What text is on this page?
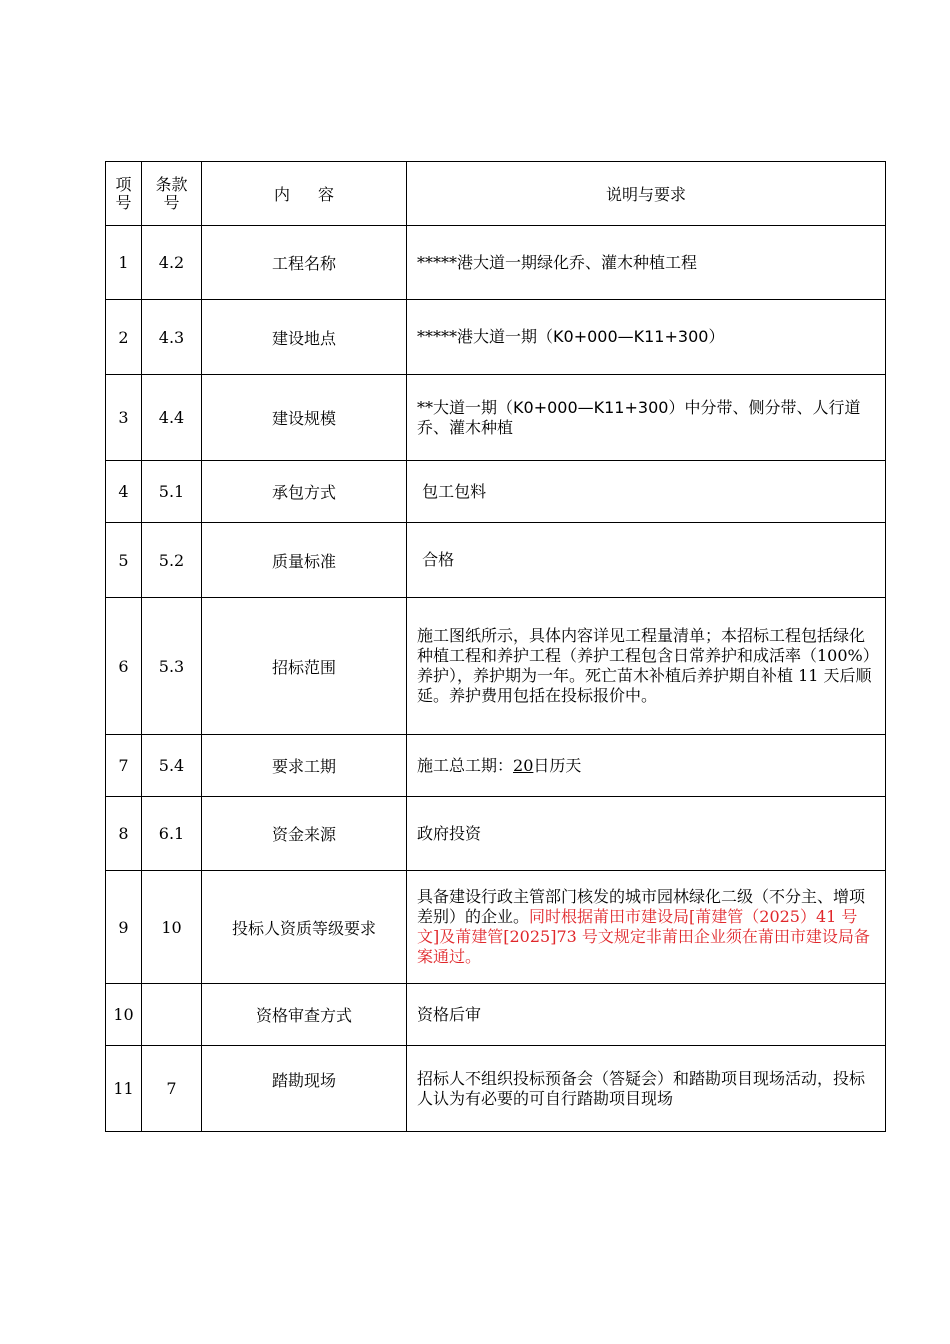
项号	条款号	内 容	说明与要求
1	4.2	工程名称	*****港大道一期绿化乔、灌木种植工程
2	4.3	建设地点	*****港大道一期（K0+000—K11+300）
3	4.4	建设规模	**大道一期（K0+000—K11+300）中分带、侧分带、人行道乔、灌木种植
4	5.1	承包方式	包工包料
5	5.2	质量标准	合格
6	5.3	招标范围	施工图纸所示，具体内容详见工程量清单；本招标工程包括绿化种植工程和养护工程（养护工程包含日常养护和成活率（100%）养护），养护期为一年。死亡苗木补植后养护期自补植 11 天后顺延。养护费用包括在投标报价中。
7	5.4	要求工期	施工总工期：20日历天
8	6.1	资金来源	政府投资
9	10	投标人资质等级要求	具备建设行政主管部门核发的城市园林绿化二级（不分主、增项差别）的企业。同时根据莆田市建设局[莆建管（2025）41 号文]及莆建管[2025]73 号文规定非莆田企业须在莆田市建设局备案通过。
10		资格审查方式	资格后审
11	7	踏勘现场	招标人不组织投标预备会（答疑会）和踏勘项目现场活动，投标人认为有必要的可自行踏勘项目现场
